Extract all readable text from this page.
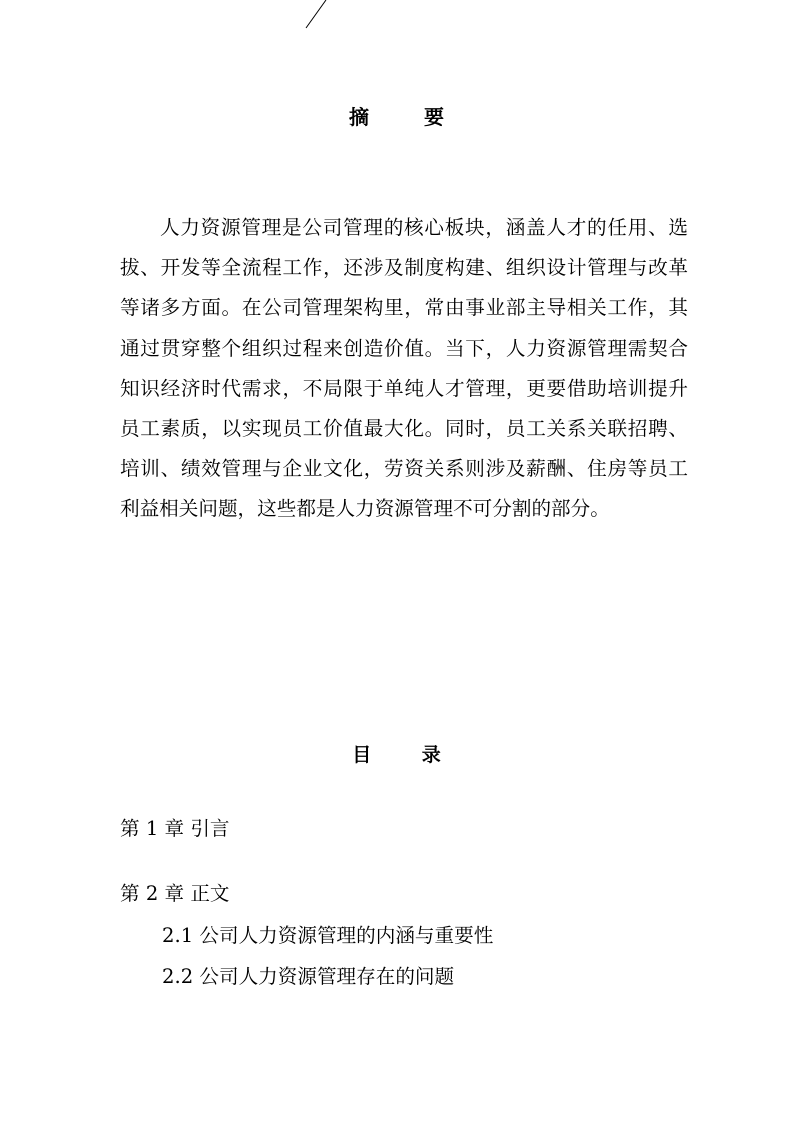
摘 要

人力资源管理是公司管理的核心板块，涵盖人才的任用、选拔、开发等全流程工作，还涉及制度构建、组织设计管理与改革等诸多方面。在公司管理架构里，常由事业部主导相关工作，其通过贯穿整个组织过程来创造价值。当下，人力资源管理需契合知识经济时代需求，不局限于单纯人才管理，更要借助培训提升员工素质，以实现员工价值最大化。同时，员工关系关联招聘、培训、绩效管理与企业文化，劳资关系则涉及薪酬、住房等员工利益相关问题，这些都是人力资源管理不可分割的部分。

目 录
第 1 章 引言
第 2 章 正文
2.1 公司人力资源管理的内涵与重要性
2.2 公司人力资源管理存在的问题
